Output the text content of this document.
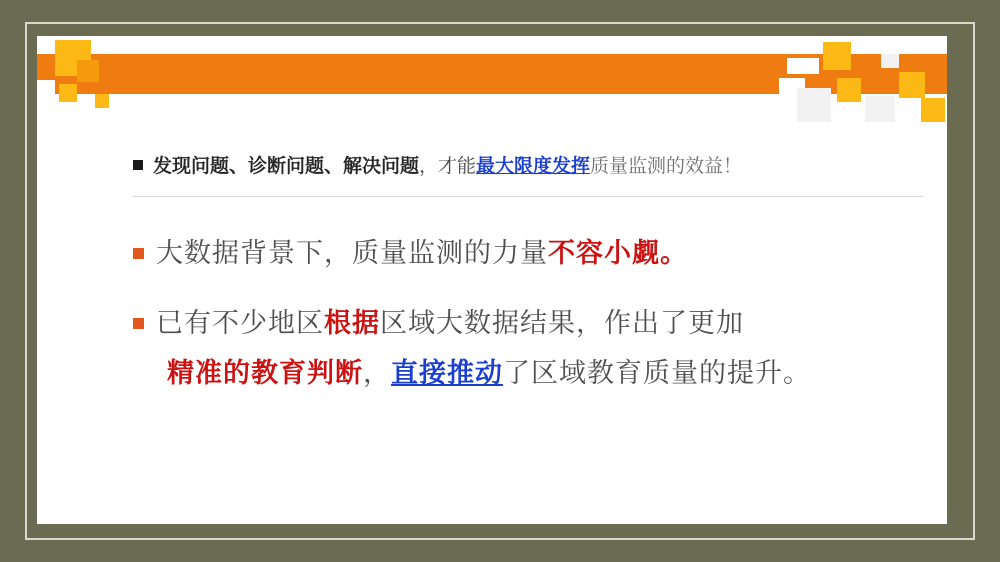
发现问题、诊断问题、解决问题，才能最大限度发挥质量监测的效益！
大数据背景下，质量监测的力量不容小觑。
已有不少地区根据区域大数据结果，作出了更加
精准的教育判断，直接推动了区域教育质量的提升。
